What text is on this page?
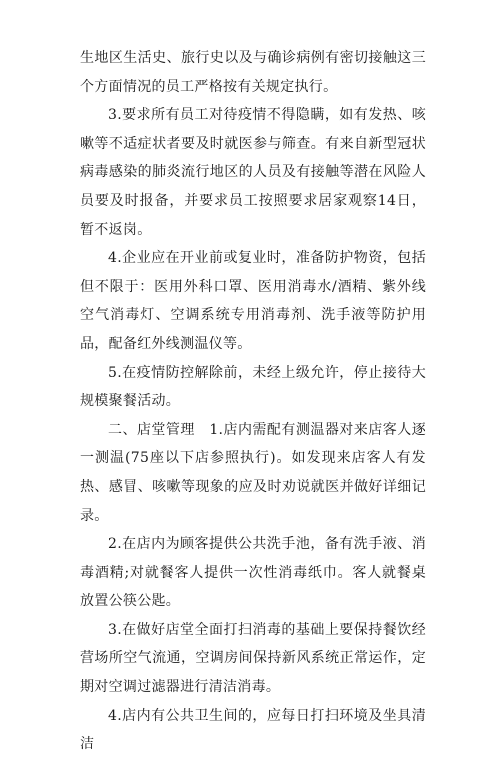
生地区生活史、旅行史以及与确诊病例有密切接触这三个方面情况的员工严格按有关规定执行。

3.要求所有员工对待疫情不得隐瞒，如有发热、咳嗽等不适症状者要及时就医参与筛查。有来自新型冠状病毒感染的肺炎流行地区的人员及有接触等潜在风险人员要及时报备，并要求员工按照要求居家观察14日，暂不返岗。

4.企业应在开业前或复业时，准备防护物资，包括但不限于：医用外科口罩、医用消毒水/酒精、紫外线空气消毒灯、空调系统专用消毒剂、洗手液等防护用品，配备红外线测温仪等。

5.在疫情防控解除前，未经上级允许，停止接待大规模聚餐活动。

二、店堂管理　1.店内需配有测温器对来店客人逐一测温(75座以下店参照执行)。如发现来店客人有发热、感冒、咳嗽等现象的应及时劝说就医并做好详细记录。

2.在店内为顾客提供公共洗手池，备有洗手液、消毒酒精;对就餐客人提供一次性消毒纸巾。客人就餐桌放置公筷公匙。

3.在做好店堂全面打扫消毒的基础上要保持餐饮经营场所空气流通，空调房间保持新风系统正常运作，定期对空调过滤器进行清洁消毒。

4.店内有公共卫生间的，应每日打扫环境及坐具清洁
